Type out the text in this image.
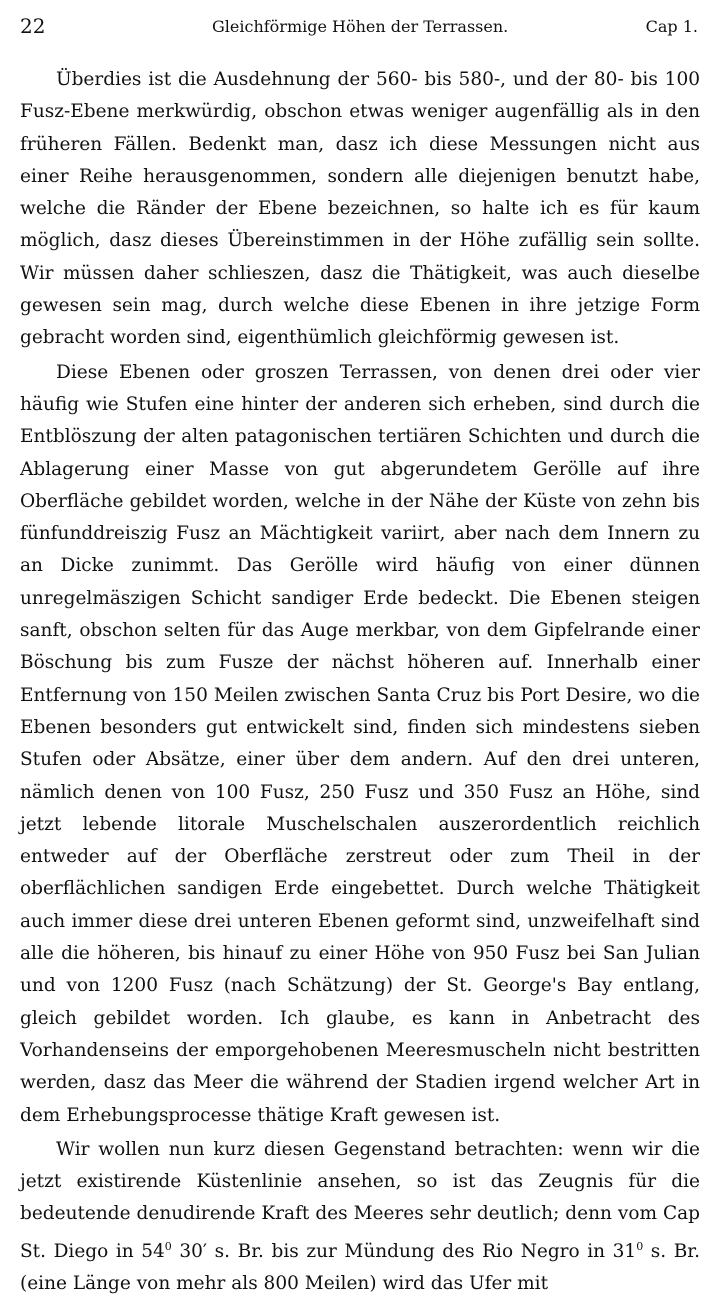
22	Gleichförmige Höhen der Terrassen.	Cap 1.

Überdies ist die Ausdehnung der 560- bis 580-, und der 80- bis 100 Fusz-Ebene merkwürdig, obschon etwas weniger augenfällig als in den früheren Fällen. Bedenkt man, dasz ich diese Messungen nicht aus einer Reihe herausgenommen, sondern alle diejenigen benutzt habe, welche die Ränder der Ebene bezeichnen, so halte ich es für kaum möglich, dasz dieses Übereinstimmen in der Höhe zufällig sein sollte. Wir müssen daher schlieszen, dasz die Thätigkeit, was auch dieselbe gewesen sein mag, durch welche diese Ebenen in ihre jetzige Form gebracht worden sind, eigenthümlich gleichförmig gewesen ist.

Diese Ebenen oder groszen Terrassen, von denen drei oder vier häufig wie Stufen eine hinter der anderen sich erheben, sind durch die Entblöszung der alten patagonischen tertiären Schichten und durch die Ablagerung einer Masse von gut abgerundetem Gerölle auf ihre Oberfläche gebildet worden, welche in der Nähe der Küste von zehn bis fünfunddreiszig Fusz an Mächtigkeit variirt, aber nach dem Innern zu an Dicke zunimmt. Das Gerölle wird häufig von einer dünnen unregelmäszigen Schicht sandiger Erde bedeckt. Die Ebenen steigen sanft, obschon selten für das Auge merkbar, von dem Gipfelrande einer Böschung bis zum Fusze der nächst höheren auf. Innerhalb einer Entfernung von 150 Meilen zwischen Santa Cruz bis Port Desire, wo die Ebenen besonders gut entwickelt sind, finden sich mindestens sieben Stufen oder Absätze, einer über dem andern. Auf den drei unteren, nämlich denen von 100 Fusz, 250 Fusz und 350 Fusz an Höhe, sind jetzt lebende litorale Muschelschalen auszerordentlich reichlich entweder auf der Oberfläche zerstreut oder zum Theil in der oberflächlichen sandigen Erde eingebettet. Durch welche Thätigkeit auch immer diese drei unteren Ebenen geformt sind, unzweifelhaft sind alle die höheren, bis hinauf zu einer Höhe von 950 Fusz bei San Julian und von 1200 Fusz (nach Schätzung) der St. George's Bay entlang, gleich gebildet worden. Ich glaube, es kann in Anbetracht des Vorhandenseins der emporgehobenen Meeresmuscheln nicht bestritten werden, dasz das Meer die während der Stadien irgend welcher Art in dem Erhebungsprocesse thätige Kraft gewesen ist.

Wir wollen nun kurz diesen Gegenstand betrachten: wenn wir die jetzt existirende Küstenlinie ansehen, so ist das Zeugnis für die bedeutende denudirende Kraft des Meeres sehr deutlich; denn vom Cap St. Diego in $54^0$ 30′ s. Br. bis zur Mündung des Rio Negro in $31^0$ s. Br. (eine Länge von mehr als 800 Meilen) wird das Ufer mit
